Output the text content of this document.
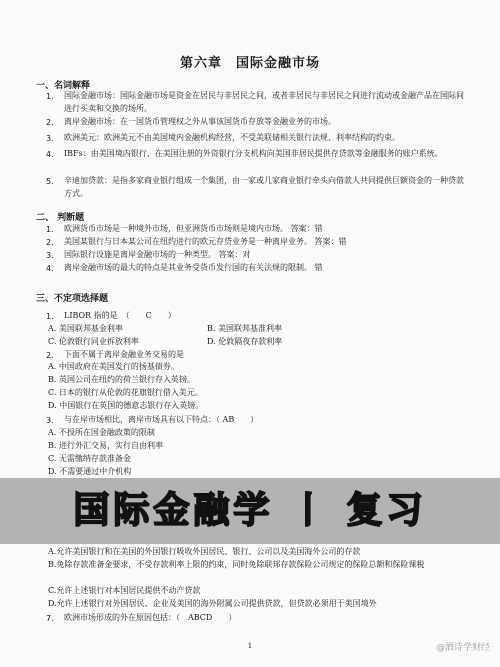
第六章　国际金融市场
一、名词解释
1. 国际金融市场：国际金融市场是资金在居民与非居民之间，或者非居民与非居民之间进行流动或金融产品在国际间进行买卖和交换的场所。
2. 离岸金融市场：在一国货币管理权之外从事该国货币存放等金融业务的市场。
3. 欧洲美元：欧洲美元不由美国境内金融机构经营，不受美联储相关银行法规、利率结构的约束。
4. IBFs：由美国境内银行、在美国注册的外资银行分支机构向美国非居民提供存贷款等金融服务的账户系统。
5. 辛迪加贷款：是指多家商业银行组成一个集团，由一家或几家商业银行牵头向借款人共同提供巨额资金的一种贷款方式。
二、 判断题
1. 欧洲货币市场是一种境外市场，但亚洲货币市场则是境内市场。 答案：错
2. 美国某银行与日本某公司在纽约进行的欧元存贷业务是一种离岸业务。 答案：错
3. 国际银行设施是离岸金融市场的一种类型。 答案：对
4. 离岸金融市场的最大的特点是其业务受货币发行国的有关法规的限制。 错
三、不定项选择题
1. LIBOR 指的是　（　　C　　）
A. 美国联邦基金利率	B. 美国联邦基准利率
C. 伦敦银行同业拆放利率	D. 伦敦隔夜存款利率
2. 下面不属于离岸金融业务交易的是
A. 中国政府在美国发行的扬基债券。
B. 英国公司在纽约的荷兰银行存入英镑。
C. 日本的银行从伦敦的花旗银行借入美元。
D. 中国银行在英国的德意志银行存入英镑。
3. 与在岸市场相比，离岸市场具有以下特点：（ AB　　）
A. 不授所在国金融政策的限制
B. 进行外汇交易，实行自由利率
C. 无需缴纳存款准备金
D. 不需要通过中介机构
国际金融学 丨 复习
A.允许美国银行和在美国的外国银行吸收外国居民、银行、公司以及美国海外公司的存款
B.免除存款准备金要求，不受存款利率上限的约束，同时免除联邦存款保险公司规定的保险总额和保险课税
C.允许上述银行对本国居民提供不动产贷款
D.允许上述银行对外国居民、企业及美国的海外附属公司提供贷款，但贷款必须用于美国境外
7. 欧洲市场形成的外在原因包括：（　ABCD　　）
1	@酒诗学财经
